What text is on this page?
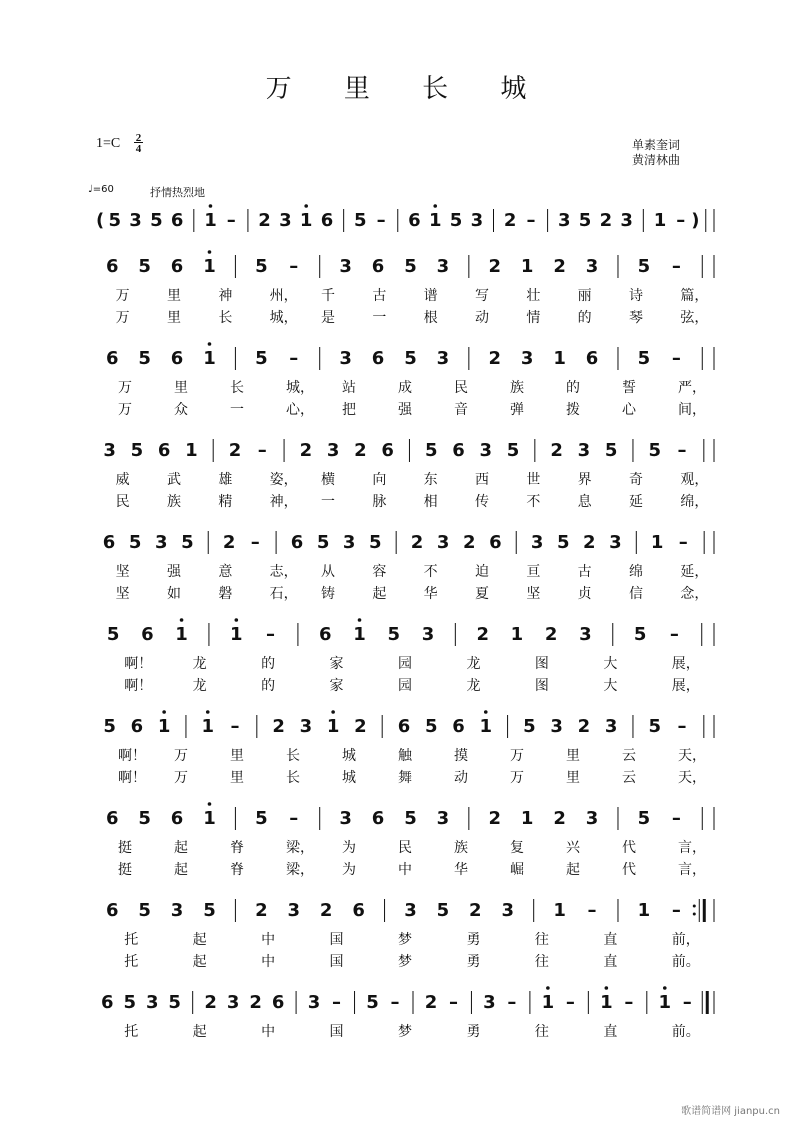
万 里 长 城
$1=C \frac{2}{4}$	单素奎词
黄清林曲
♩=60	抒情热烈地
( 5 3 5 6 1 – 2 3 1 6 5 – 6 1 5 3 2 – 3 5 2 3 1 – )
6 5 6 1 5 – 3 6 5 3 2 1 2 3 5 –
万	里	神	州， 千	古	谱	写	壮	丽	诗	篇，
万	里	长	城， 是	一	根	动	情	的	琴	弦，
6 5 6 1 5 – 3 6 5 3 2 3 1 6 5 –
万	里	长	城， 站	成	民	族	的	誓	严，
万	众	一	心， 把	强	音	弹	拨	心	间，
3 5 6 1 2 – 2 3 2 6 5 6 3 5 2 3 5 5 –
威	武	雄	姿， 横	向	东	西	世	界	奇	观，
民	族	精	神， 一	脉	相	传	不	息	延	绵，
6 5 3 5 2 – 6 5 3 5 2 3 2 6 3 5 2 3 1 –
坚	强	意	志， 从	容	不	迫	亘	古	绵	延，
坚	如	磐	石， 铸	起	华	夏	坚	贞	信	念，
5 6 1 1 – 6 1 5 3 2 1 2 3 5 –
啊！	龙	的	家	园	龙	图	大	展，
啊！	龙	的	家	园	龙	图	大	展，
5 6 1 1 – 2 3 1 2 6 5 6 1 5 3 2 3 5 –
啊！ 万	里	长	城	触	摸	万	里	云	天，
啊！ 万	里	长	城	舞	动	万	里	云	天，
6 5 6 1 5 – 3 6 5 3 2 1 2 3 5 –
挺	起	脊	梁， 为	民	族	复	兴	代	言，
挺	起	脊	梁， 为	中	华	崛	起	代	言，
6 5 3 5 2 3 2 6 3 5 2 3 1 – 1 –
托	起	中	国	梦	勇	往	直	前，
托	起	中	国	梦	勇	往	直	前。
6 5 3 5 2 3 2 6 3 – 5 – 2 – 3 – 1 – 1 – 1 –
托	起	中	国	梦	勇	往	直	前。
歌谱简谱网 jianpu.cn
